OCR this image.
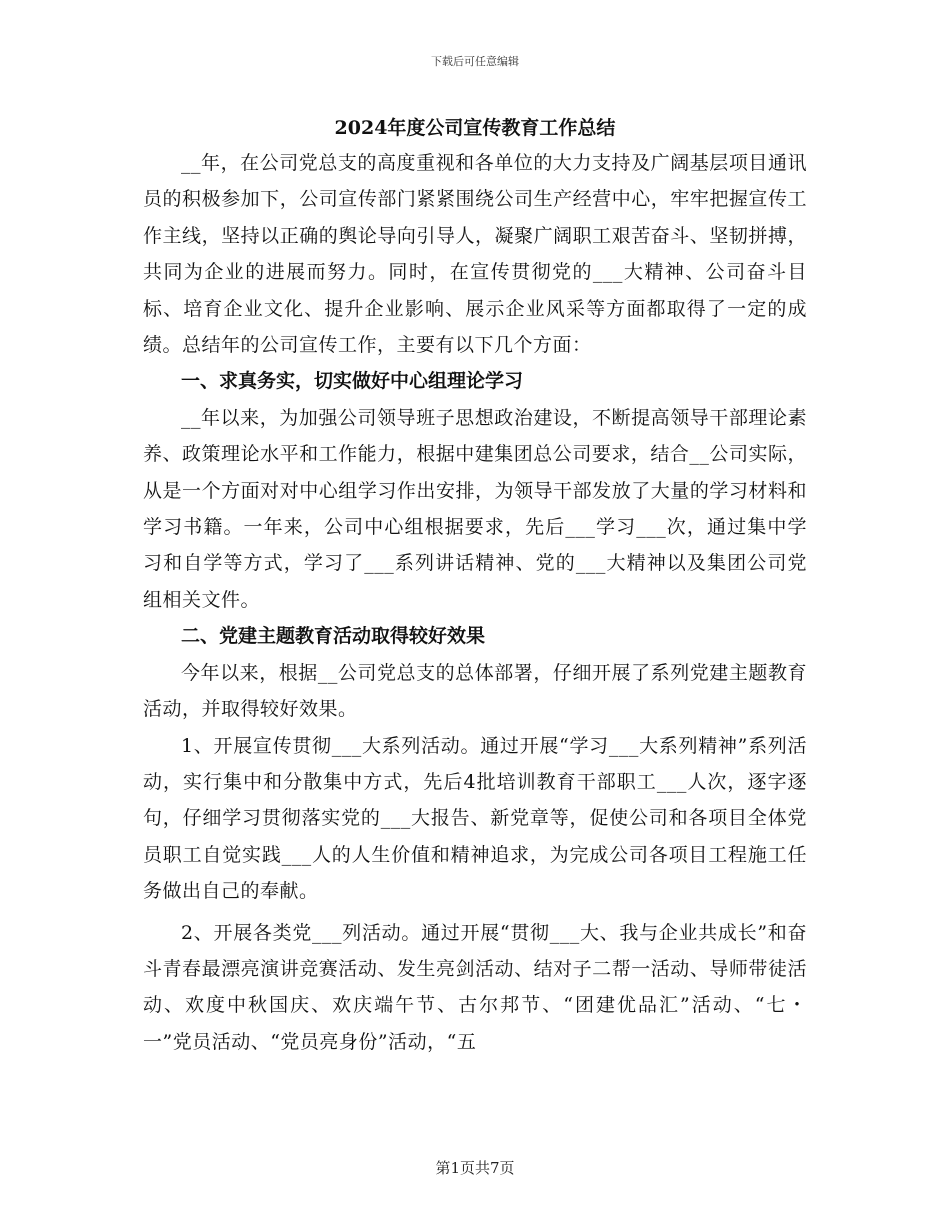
下载后可任意编辑
2024年度公司宣传教育工作总结

__年，在公司党总支的高度重视和各单位的大力支持及广阔基层项目通讯员的积极参加下，公司宣传部门紧紧围绕公司生产经营中心，牢牢把握宣传工作主线，坚持以正确的舆论导向引导人，凝聚广阔职工艰苦奋斗、坚韧拼搏，共同为企业的进展而努力。同时，在宣传贯彻党的___大精神、公司奋斗目标、培育企业文化、提升企业影响、展示企业风采等方面都取得了一定的成绩。总结年的公司宣传工作，主要有以下几个方面：

一、求真务实，切实做好中心组理论学习

__年以来，为加强公司领导班子思想政治建设，不断提高领导干部理论素养、政策理论水平和工作能力，根据中建集团总公司要求，结合__公司实际，从是一个方面对对中心组学习作出安排，为领导干部发放了大量的学习材料和学习书籍。一年来，公司中心组根据要求，先后___学习___次，通过集中学习和自学等方式，学习了___系列讲话精神、党的___大精神以及集团公司党组相关文件。

二、党建主题教育活动取得较好效果

今年以来，根据__公司党总支的总体部署，仔细开展了系列党建主题教育活动，并取得较好效果。

1、开展宣传贯彻___大系列活动。通过开展“学习___大系列精神”系列活动，实行集中和分散集中方式，先后4批培训教育干部职工___人次，逐字逐句，仔细学习贯彻落实党的___大报告、新党章等，促使公司和各项目全体党员职工自觉实践___人的人生价值和精神追求，为完成公司各项目工程施工任务做出自己的奉献。

2、开展各类党___列活动。通过开展“贯彻___大、我与企业共成长”和奋斗青春最漂亮演讲竞赛活动、发生亮剑活动、结对子二帮一活动、导师带徒活动、欢度中秋国庆、欢庆端午节、古尔邦节、“团建优品汇”活动、“七・一”党员活动、“党员亮身份”活动，“五

第1页共7页
